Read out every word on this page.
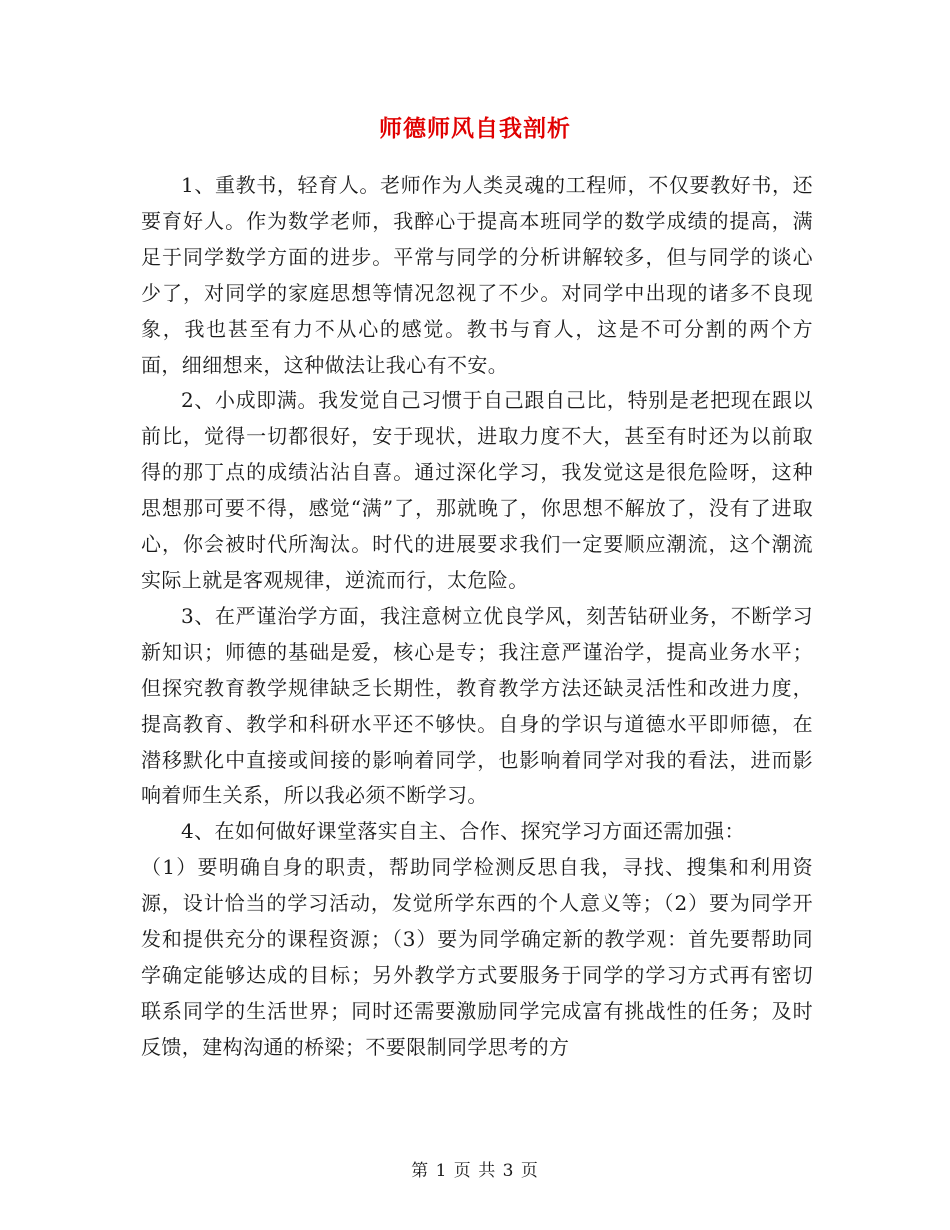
师德师风自我剖析

1、重教书，轻育人。老师作为人类灵魂的工程师，不仅要教好书，还要育好人。作为数学老师，我醉心于提高本班同学的数学成绩的提高，满足于同学数学方面的进步。平常与同学的分析讲解较多，但与同学的谈心少了，对同学的家庭思想等情况忽视了不少。对同学中出现的诸多不良现象，我也甚至有力不从心的感觉。教书与育人，这是不可分割的两个方面，细细想来，这种做法让我心有不安。

2、小成即满。我发觉自己习惯于自己跟自己比，特别是老把现在跟以前比，觉得一切都很好，安于现状，进取力度不大，甚至有时还为以前取得的那丁点的成绩沾沾自喜。通过深化学习，我发觉这是很危险呀，这种思想那可要不得，感觉“满”了，那就晚了，你思想不解放了，没有了进取心，你会被时代所淘汰。时代的进展要求我们一定要顺应潮流，这个潮流实际上就是客观规律，逆流而行，太危险。

3、在严谨治学方面，我注意树立优良学风，刻苦钻研业务，不断学习新知识；师德的基础是爱，核心是专；我注意严谨治学，提高业务水平；但探究教育教学规律缺乏长期性，教育教学方法还缺灵活性和改进力度，提高教育、教学和科研水平还不够快。自身的学识与道德水平即师德，在潜移默化中直接或间接的影响着同学，也影响着同学对我的看法，进而影响着师生关系，所以我必须不断学习。

4、在如何做好课堂落实自主、合作、探究学习方面还需加强：

（1）要明确自身的职责，帮助同学检测反思自我，寻找、搜集和利用资源，设计恰当的学习活动，发觉所学东西的个人意义等；（2）要为同学开发和提供充分的课程资源；（3）要为同学确定新的教学观：首先要帮助同学确定能够达成的目标；另外教学方式要服务于同学的学习方式再有密切联系同学的生活世界；同时还需要激励同学完成富有挑战性的任务；及时反馈，建构沟通的桥梁；不要限制同学思考的方

第 1 页 共 3 页
